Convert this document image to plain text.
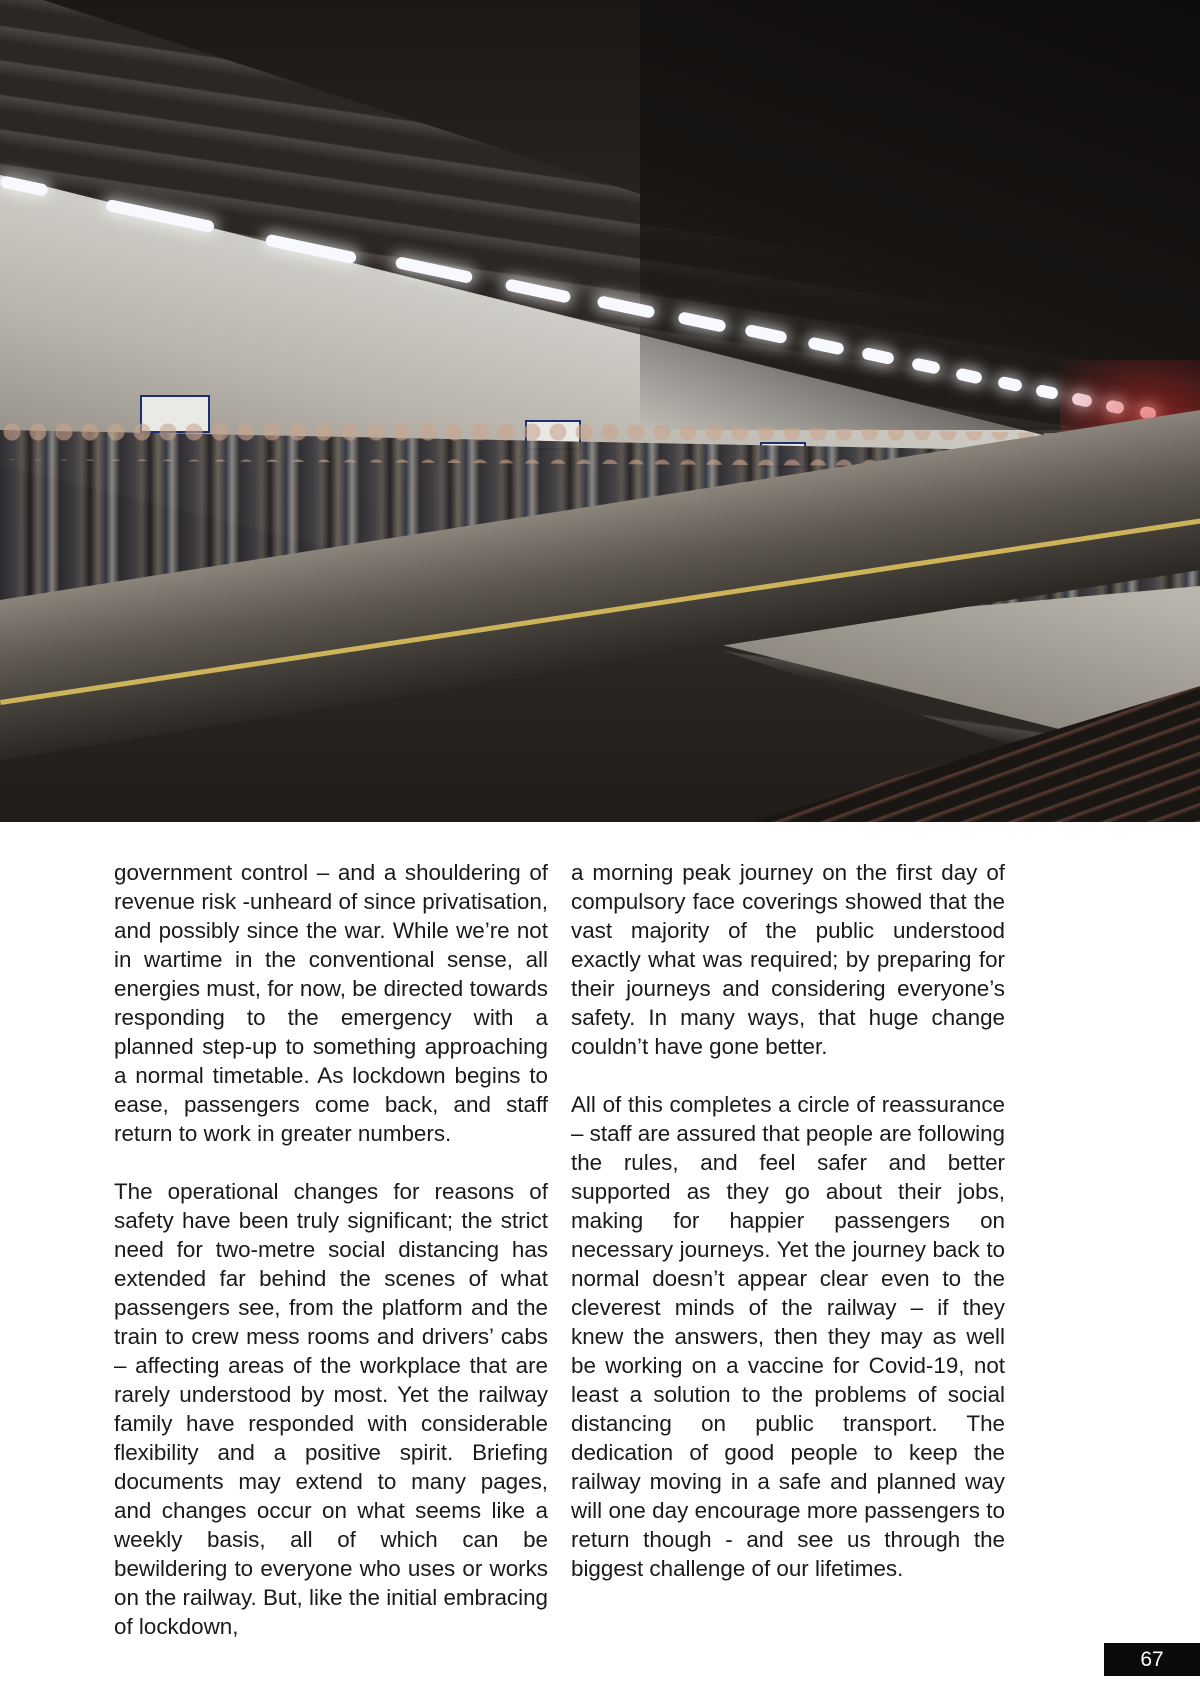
government control – and a shouldering of revenue risk -unheard of since privatisation, and possibly since the war. While we’re not in wartime in the conventional sense, all energies must, for now, be directed towards responding to the emergency with a planned step-up to something approaching a normal timetable. As lockdown begins to ease, passengers come back, and staff return to work in greater numbers.

The operational changes for reasons of safety have been truly significant; the strict need for two-metre social distancing has extended far behind the scenes of what passengers see, from the platform and the train to crew mess rooms and drivers’ cabs – affecting areas of the workplace that are rarely understood by most. Yet the railway family have responded with considerable flexibility and a positive spirit. Briefing documents may extend to many pages, and changes occur on what seems like a weekly basis, all of which can be bewildering to everyone who uses or works on the railway. But, like the initial embracing of lockdown,

a morning peak journey on the first day of compulsory face coverings showed that the vast majority of the public understood exactly what was required; by preparing for their journeys and considering everyone’s safety. In many ways, that huge change couldn’t have gone better.

All of this completes a circle of reassurance – staff are assured that people are following the rules, and feel safer and better supported as they go about their jobs, making for happier passengers on necessary journeys. Yet the journey back to normal doesn’t appear clear even to the cleverest minds of the railway – if they knew the answers, then they may as well be working on a vaccine for Covid-19, not least a solution to the problems of social distancing on public transport. The dedication of good people to keep the railway moving in a safe and planned way will one day encourage more passengers to return though - and see us through the biggest challenge of our lifetimes.

67
